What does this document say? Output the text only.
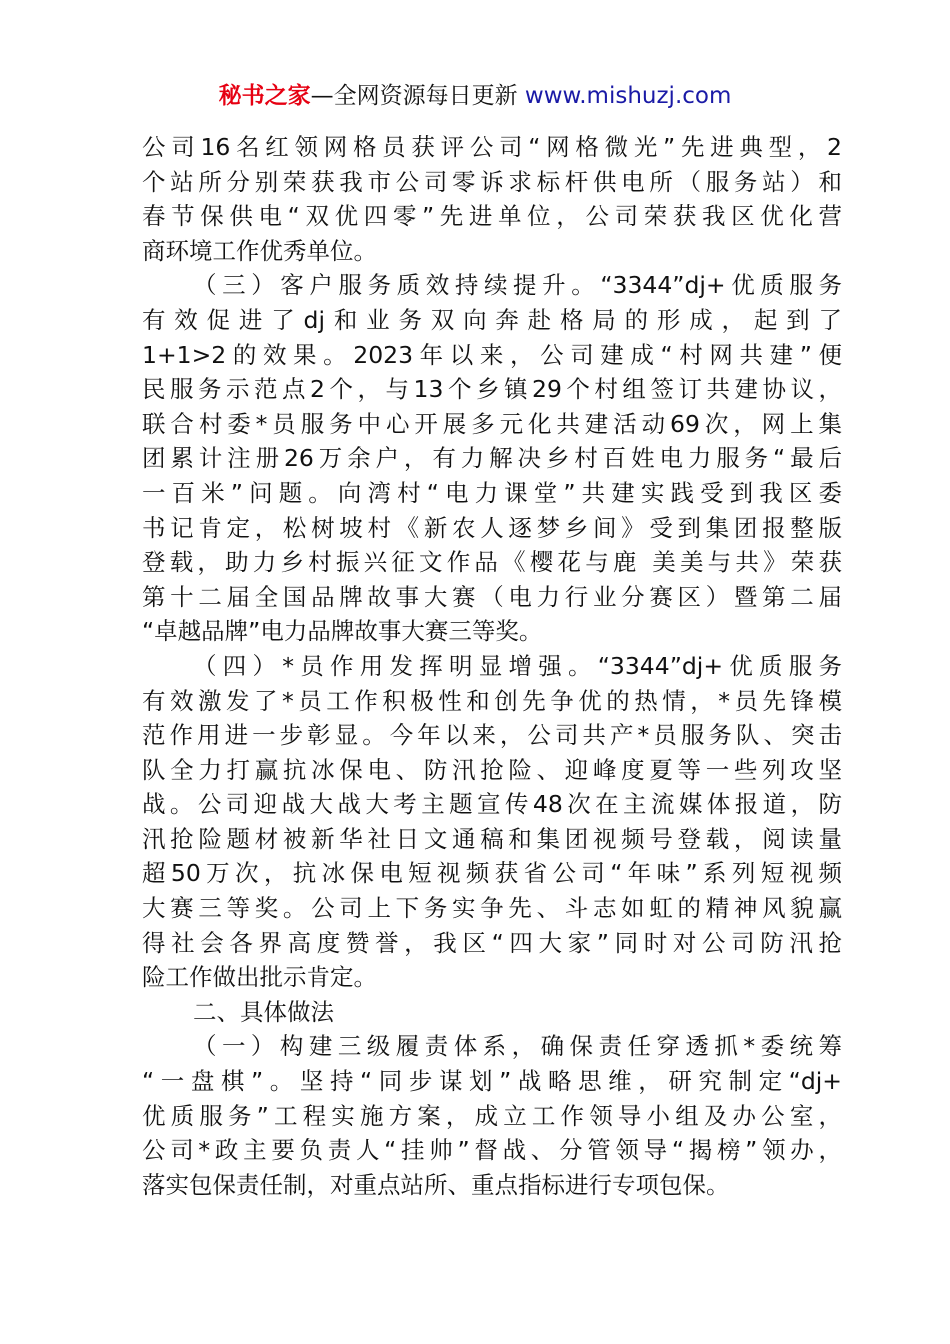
秘书之家—全网资源每日更新 www.mishuzj.com
公司16名红领网格员获评公司“网格微光”先进典型，2
个站所分别荣获我市公司零诉求标杆供电所（服务站）和
春节保供电“双优四零”先进单位，公司荣获我区优化营
商环境工作优秀单位。
（三）客户服务质效持续提升。“3344”dj+优质服务
有效促进了dj和业务双向奔赴格局的形成，起到了
1+1>2的效果。2023年以来，公司建成“村网共建”便
民服务示范点2个，与13个乡镇29个村组签订共建协议，
联合村委*员服务中心开展多元化共建活动69次，网上集
团累计注册26万余户，有力解决乡村百姓电力服务“最后
一百米”问题。向湾村“电力课堂”共建实践受到我区委
书记肯定，松树坡村《新农人逐梦乡间》受到集团报整版
登载，助力乡村振兴征文作品《樱花与鹿 美美与共》荣获
第十二届全国品牌故事大赛（电力行业分赛区）暨第二届
“卓越品牌”电力品牌故事大赛三等奖。
（四）*员作用发挥明显增强。“3344”dj+优质服务
有效激发了*员工作积极性和创先争优的热情，*员先锋模
范作用进一步彰显。今年以来，公司共产*员服务队、突击
队全力打赢抗冰保电、防汛抢险、迎峰度夏等一些列攻坚
战。公司迎战大战大考主题宣传48次在主流媒体报道，防
汛抢险题材被新华社日文通稿和集团视频号登载，阅读量
超50万次，抗冰保电短视频获省公司“年味”系列短视频
大赛三等奖。公司上下务实争先、斗志如虹的精神风貌赢
得社会各界高度赞誉，我区“四大家”同时对公司防汛抢
险工作做出批示肯定。
二、具体做法
（一）构建三级履责体系，确保责任穿透抓*委统筹
“一盘棋”。坚持“同步谋划”战略思维，研究制定“dj+
优质服务”工程实施方案，成立工作领导小组及办公室，
公司*政主要负责人“挂帅”督战、分管领导“揭榜”领办，
落实包保责任制，对重点站所、重点指标进行专项包保。
